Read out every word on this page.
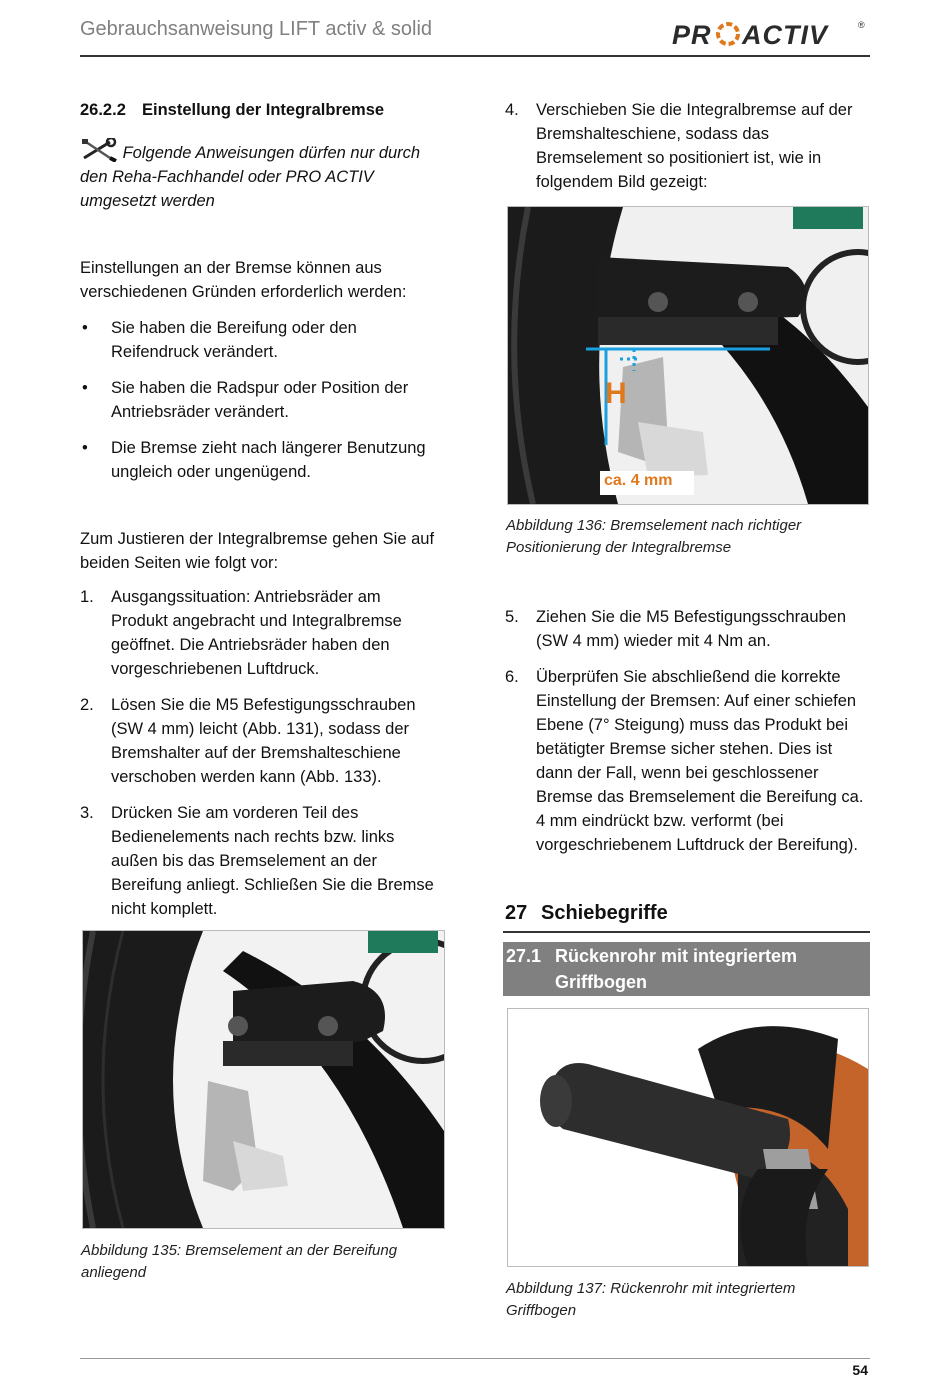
Gebrauchsanweisung LIFT activ & solid	PR ACTIV	®
26.2.2 Einstellung der Integralbremse
Folgende Anweisungen dürfen nur durch den Reha-Fachhandel oder PRO ACTIV umgesetzt werden
Einstellungen an der Bremse können aus verschiedenen Gründen erforderlich werden:
• Sie haben die Bereifung oder den Reifendruck verändert.
• Sie haben die Radspur oder Position der Antriebsräder verändert.
• Die Bremse zieht nach längerer Benutzung ungleich oder ungenügend.
Zum Justieren der Integralbremse gehen Sie auf beiden Seiten wie folgt vor:
1. Ausgangssituation: Antriebsräder am Produkt angebracht und Integralbremse geöffnet. Die Antriebsräder haben den vorgeschriebenen Luftdruck.
2. Lösen Sie die M5 Befestigungsschrauben (SW 4 mm) leicht (Abb. 131), sodass der Bremshalter auf der Bremshalteschiene verschoben werden kann (Abb. 133).
3. Drücken Sie am vorderen Teil des Bedienelements nach rechts bzw. links außen bis das Bremselement an der Bereifung anliegt. Schließen Sie die Bremse nicht komplett.
Abbildung 135: Bremselement an der Bereifung anliegend
4. Verschieben Sie die Integralbremse auf der Bremshalteschiene, sodass das Bremselement so positioniert ist, wie in folgendem Bild gezeigt:
H
ca. 4 mm
Abbildung 136: Bremselement nach richtiger Positionierung der Integralbremse
5. Ziehen Sie die M5 Befestigungsschrauben (SW 4 mm) wieder mit 4 Nm an.
6. Überprüfen Sie abschließend die korrekte Einstellung der Bremsen: Auf einer schiefen Ebene (7° Steigung) muss das Produkt bei betätigter Bremse sicher stehen. Dies ist dann der Fall, wenn bei geschlossener Bremse das Bremselement die Bereifung ca. 4 mm eindrückt bzw. verformt (bei vorgeschriebenem Luftdruck der Bereifung).
27 Schiebegriffe
27.1 Rückenrohr mit integriertem
Griffbogen
Abbildung 137: Rückenrohr mit integriertem Griffbogen
54
